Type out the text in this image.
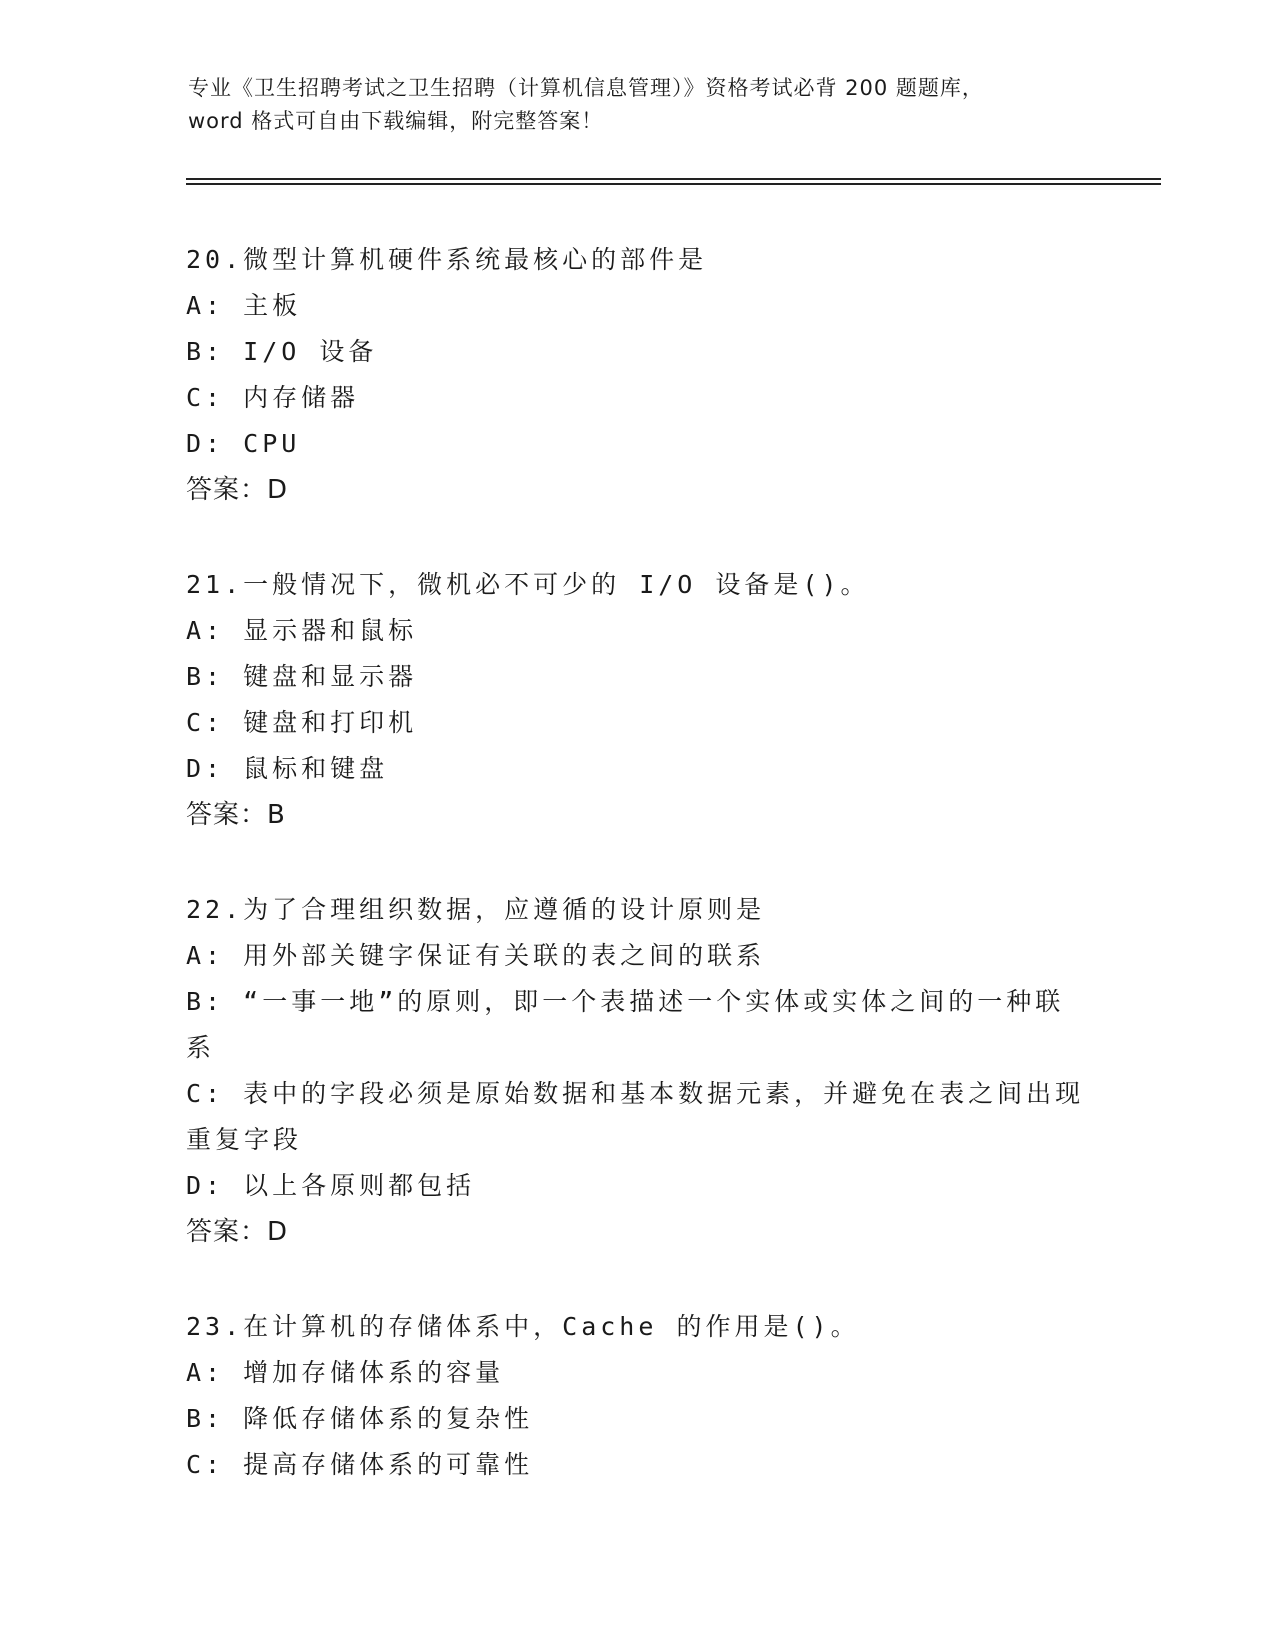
专业《卫生招聘考试之卫生招聘（计算机信息管理）》资格考试必背 200 题题库，
word 格式可自由下载编辑，附完整答案！
20.微型计算机硬件系统最核心的部件是
A: 主板
B: I/O 设备
C: 内存储器
D: CPU
答案：D
21.一般情况下，微机必不可少的 I/O 设备是()。
A: 显示器和鼠标
B: 键盘和显示器
C: 键盘和打印机
D: 鼠标和键盘
答案：B
22.为了合理组织数据，应遵循的设计原则是
A: 用外部关键字保证有关联的表之间的联系
B: “一事一地”的原则，即一个表描述一个实体或实体之间的一种联系
C: 表中的字段必须是原始数据和基本数据元素，并避免在表之间出现重复字段
D: 以上各原则都包括
答案：D
23.在计算机的存储体系中，Cache 的作用是()。
A: 增加存储体系的容量
B: 降低存储体系的复杂性
C: 提高存储体系的可靠性
